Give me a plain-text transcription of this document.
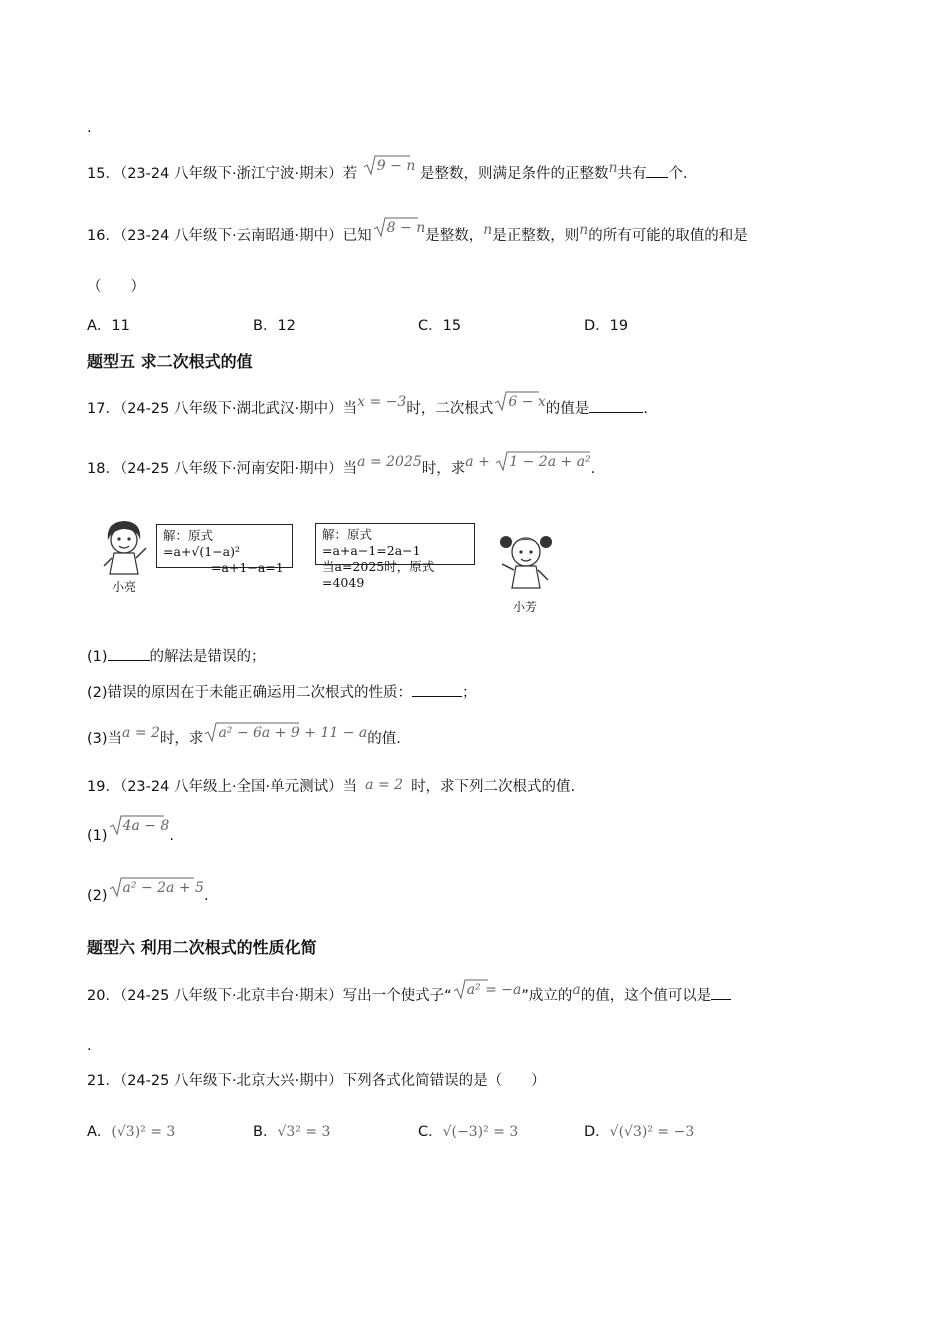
.
15．（23-24 八年级下·浙江宁波·期末）若 9 − n 是整数，则满足条件的正整数n共有 个.
16．（23-24 八年级下·云南昭通·期中）已知 8 − n是整数，n是正整数，则n的所有可能的取值的和是
（　　）
A．11	B．12	C．15	D．19
题型五 求二次根式的值
17．（24-25 八年级下·湖北武汉·期中）当x = −3时，二次根式 6 − x的值是	.
18．（24-25 八年级下·河南安阳·期中）当a = 2025时，求a +
1 − 2a + a².
小亮
解：原式=a+√(1−a)²
=a+1−a=1
解：原式=a+a−1=2a−1
当a=2025时，原式=4049
小芳
(1)	的解法是错误的；
(2)错误的原因在于未能正确运用二次根式的性质：	；
(3)当a = 2时，求 a² − 6a + 9 + 11 − a的值.
19．（23-24 八年级上·全国·单元测试）当 a = 2 时，求下列二次根式的值.
(1)
4a − 8.
(2) a² − 2a + 5.
题型六 利用二次根式的性质化简
20．（24-25 八年级下·北京丰台·期末）写出一个使式子“ a² = −a”成立的a的值，这个值可以是
.
21．（24-25 八年级下·北京大兴·期中）下列各式化简错误的是（　　）
A．(√3)² = 3	B．√3² = 3	C．√(−3)² = 3	D．√(√3)² = −3
